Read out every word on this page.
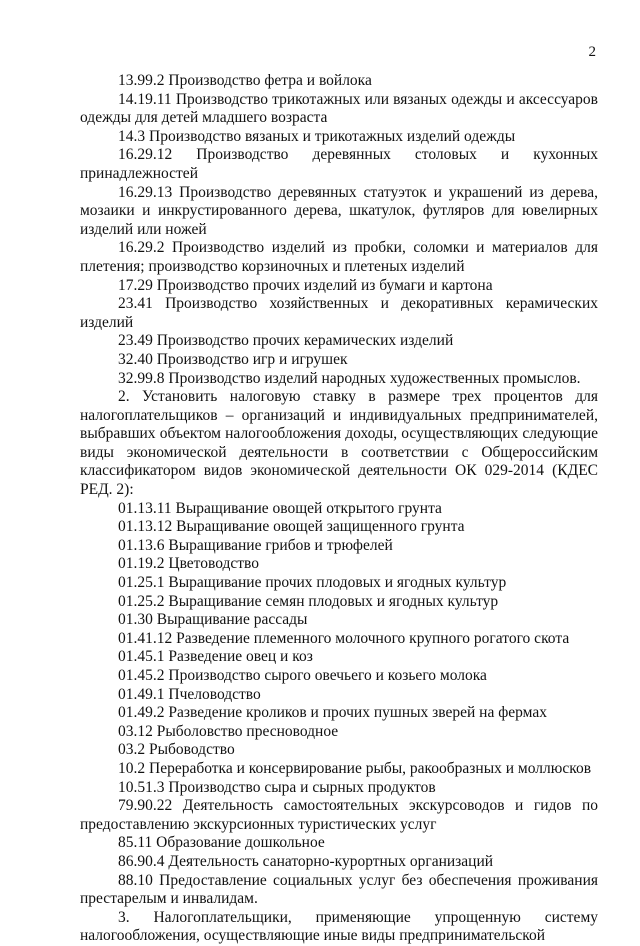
2

13.99.2 Производство фетра и войлока

14.19.11 Производство трикотажных или вязаных одежды и аксессуаров одежды для детей младшего возраста

14.3 Производство вязаных и трикотажных изделий одежды

16.29.12 Производство деревянных столовых и кухонных принадлежностей

16.29.13 Производство деревянных статуэток и украшений из дерева, мозаики и инкрустированного дерева, шкатулок, футляров для ювелирных изделий или ножей

16.29.2 Производство изделий из пробки, соломки и материалов для плетения; производство корзиночных и плетеных изделий

17.29 Производство прочих изделий из бумаги и картона

23.41 Производство хозяйственных и декоративных керамических изделий

23.49 Производство прочих керамических изделий

32.40 Производство игр и игрушек

32.99.8 Производство изделий народных художественных промыслов.

2. Установить налоговую ставку в размере трех процентов для налогоплательщиков – организаций и индивидуальных предпринимателей, выбравших объектом налогообложения доходы, осуществляющих следующие виды экономической деятельности в соответствии с Общероссийским классификатором видов экономической деятельности ОК 029-2014 (КДЕС РЕД. 2):

01.13.11 Выращивание овощей открытого грунта

01.13.12 Выращивание овощей защищенного грунта

01.13.6 Выращивание грибов и трюфелей

01.19.2 Цветоводство

01.25.1 Выращивание прочих плодовых и ягодных культур

01.25.2 Выращивание семян плодовых и ягодных культур

01.30 Выращивание рассады

01.41.12 Разведение племенного молочного крупного рогатого скота

01.45.1 Разведение овец и коз

01.45.2 Производство сырого овечьего и козьего молока

01.49.1 Пчеловодство

01.49.2 Разведение кроликов и прочих пушных зверей на фермах

03.12 Рыболовство пресноводное

03.2 Рыбоводство

10.2 Переработка и консервирование рыбы, ракообразных и моллюсков

10.51.3 Производство сыра и сырных продуктов

79.90.22 Деятельность самостоятельных экскурсоводов и гидов по предоставлению экскурсионных туристических услуг

85.11 Образование дошкольное

86.90.4 Деятельность санаторно-курортных организаций

88.10 Предоставление социальных услуг без обеспечения проживания престарелым и инвалидам.

3. Налогоплательщики, применяющие упрощенную систему налогообложения, осуществляющие иные виды предпринимательской
